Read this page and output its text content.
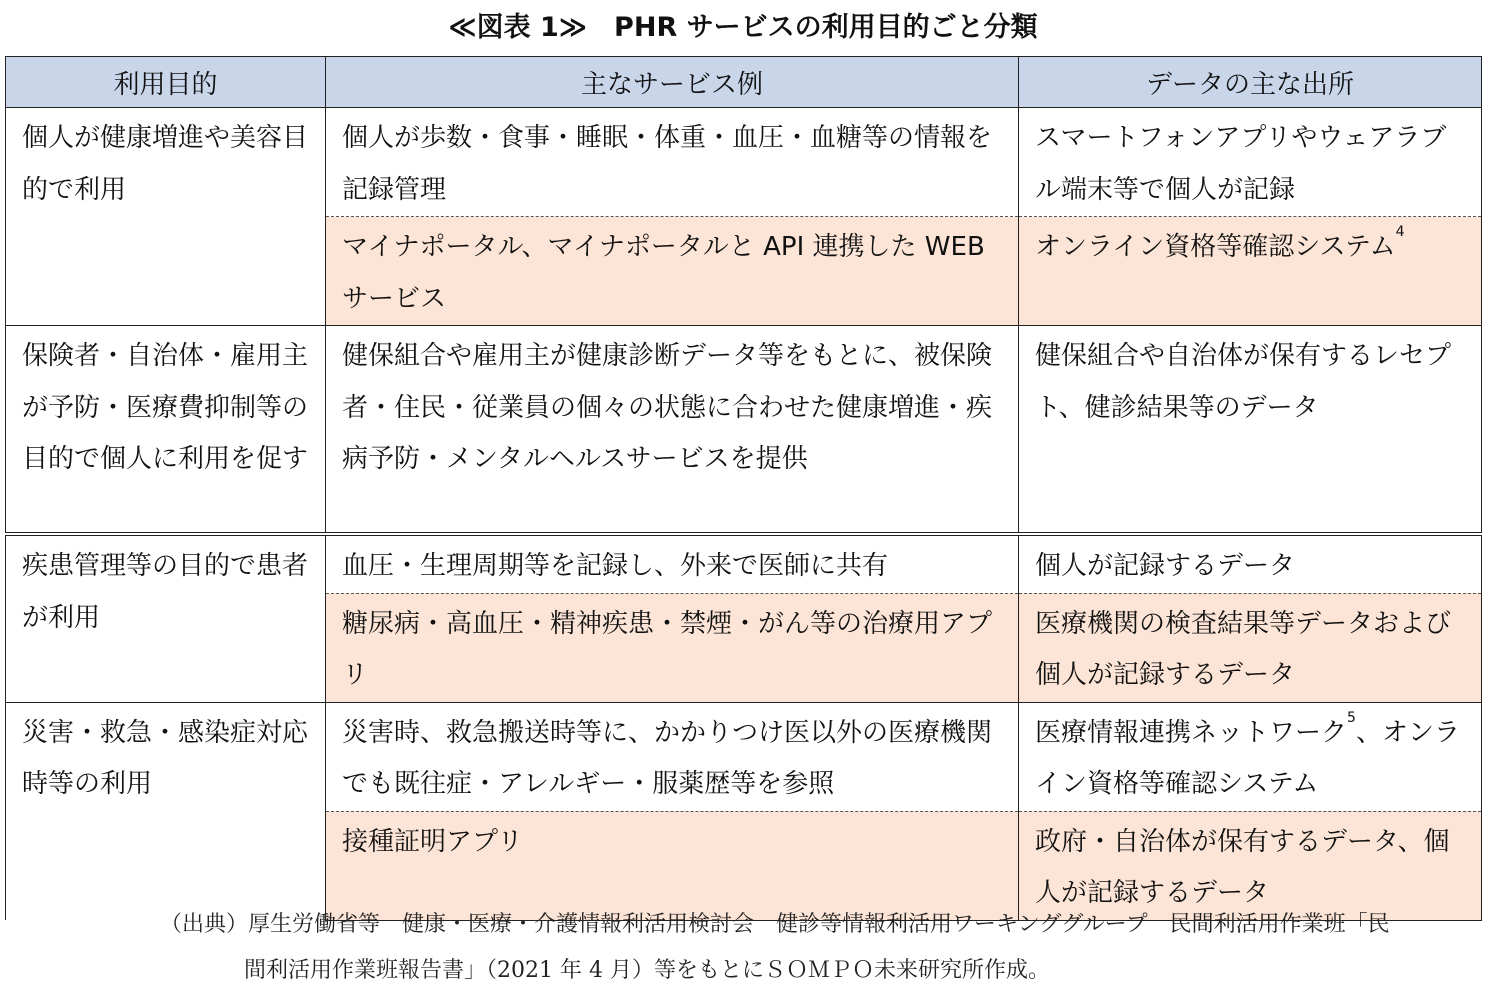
≪図表 1≫　PHR サービスの利用目的ごと分類
利用目的	主なサービス例	データの主な出所
個人が健康増進や美容目的で利用	個人が歩数・食事・睡眠・体重・血圧・血糖等の情報を記録管理	スマートフォンアプリやウェアラブル端末等で個人が記録
	マイナポータル、マイナポータルと API 連携した WEB サービス	オンライン資格等確認システム$^4$
保険者・自治体・雇用主が予防・医療費抑制等の目的で個人に利用を促す	健保組合や雇用主が健康診断データ等をもとに、被保険者・住民・従業員の個々の状態に合わせた健康増進・疾病予防・メンタルヘルスサービスを提供	健保組合や自治体が保有するレセプト、健診結果等のデータ
疾患管理等の目的で患者が利用	血圧・生理周期等を記録し、外来で医師に共有	個人が記録するデータ
	糖尿病・高血圧・精神疾患・禁煙・がん等の治療用アプリ	医療機関の検査結果等データおよび個人が記録するデータ
災害・救急・感染症対応時等の利用	災害時、救急搬送時等に、かかりつけ医以外の医療機関でも既往症・アレルギー・服薬歴等を参照	医療情報連携ネットワーク$^5$、オンライン資格等確認システム
	接種証明アプリ	政府・自治体が保有するデータ、個人が記録するデータ
（出典）厚生労働省等　健康・医療・介護情報利活用検討会　健診等情報利活用ワーキンググループ　民間利活用作業班「民
間利活用作業班報告書」（2021 年 4 月）等をもとにＳＯＭＰＯ未来研究所作成。
